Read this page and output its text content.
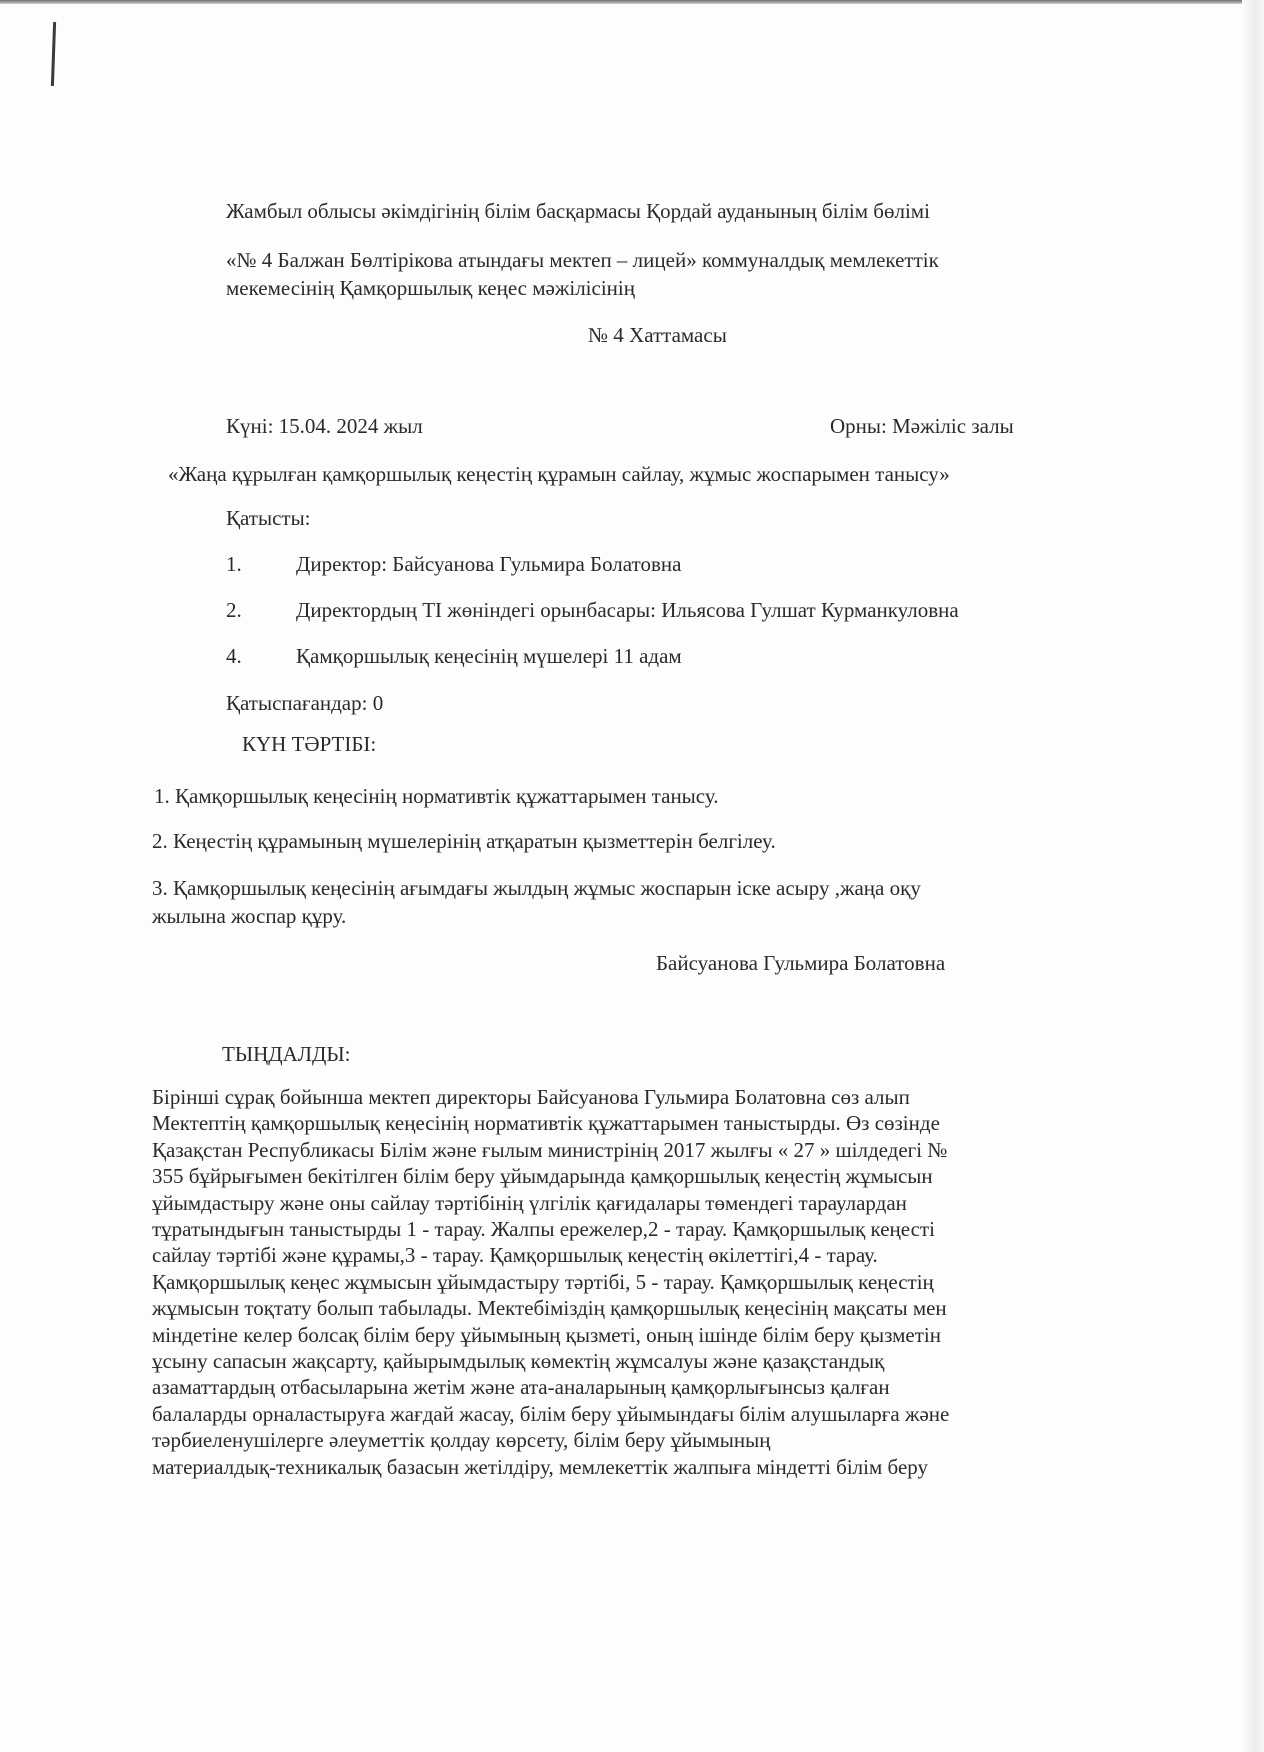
Жамбыл облысы әкімдігінің білім басқармасы Қордай ауданының білім бөлімі
«№ 4 Балжан Бөлтірікова атындағы мектеп – лицей» коммуналдық мемлекеттік
мекемесінің Қамқоршылық кеңес мәжілісінің
№ 4 Хаттамасы
Күні: 15.04. 2024 жыл	Орны: Мәжіліс залы
«Жаңа құрылған қамқоршылық кеңестің құрамын сайлау, жұмыс жоспарымен танысу»
Қатысты:
1.	Директор: Байсуанова Гульмира Болатовна
2.	Директордың ТІ жөніндегі орынбасары: Ильясова Гулшат Курманкуловна
4.	Қамқоршылық кеңесінің мүшелері 11 адам
Қатыспағандар: 0
КҮН ТӘРТІБІ:
1. Қамқоршылық кеңесінің нормативтік құжаттарымен танысу.
2. Кеңестің құрамының мүшелерінің атқаратын қызметтерін белгілеу.
3. Қамқоршылық кеңесінің ағымдағы жылдың жұмыс жоспарын іске асыру ,жаңа оқу
жылына жоспар құру.
Байсуанова Гульмира Болатовна
ТЫҢДАЛДЫ:
Бірінші сұрақ бойынша мектеп директоры Байсуанова Гульмира Болатовна сөз алып
Мектептің қамқоршылық кеңесінің нормативтік құжаттарымен таныстырды. Өз сөзінде
Қазақстан Республикасы Білім және ғылым министрінің 2017 жылғы « 27 » шілдедегі №
355 бұйрығымен бекітілген білім беру ұйымдарында қамқоршылық кеңестің жұмысын
ұйымдастыру және оны сайлау тәртібінің үлгілік қағидалары төмендегі тараулардан
тұратындығын таныстырды 1 - тарау. Жалпы ережелер,2 - тарау. Қамқоршылық кеңесті
сайлау тәртібі және құрамы,3 - тарау. Қамқоршылық кеңестің өкілеттігі,4 - тарау.
Қамқоршылық кеңес жұмысын ұйымдастыру тәртібі, 5 - тарау. Қамқоршылық кеңестің
жұмысын тоқтату болып табылады. Мектебіміздің қамқоршылық кеңесінің мақсаты мен
міндетіне келер болсақ білім беру ұйымының қызметі, оның ішінде білім беру қызметін
ұсыну сапасын жақсарту, қайырымдылық көмектің жұмсалуы және қазақстандық
азаматтардың отбасыларына жетім және ата-аналарының қамқорлығынсыз қалған
балаларды орналастыруға жағдай жасау, білім беру ұйымындағы білім алушыларға және
тәрбиеленушілерге әлеуметтік қолдау көрсету, білім беру ұйымының
материалдық-техникалық базасын жетілдіру, мемлекеттік жалпыға міндетті білім беру
